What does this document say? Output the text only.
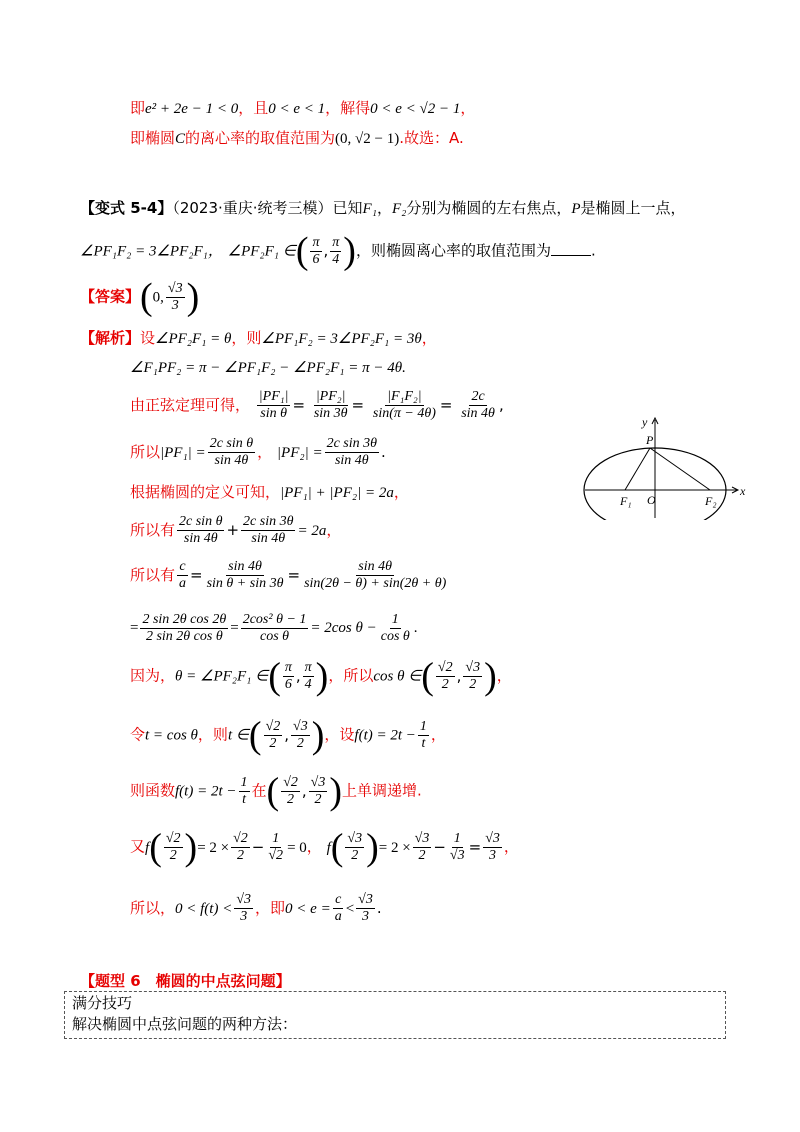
即e² + 2e − 1 < 0，且0 < e < 1，解得0 < e < √2 − 1，
即椭圆C的离心率的取值范围为(0, √2 − 1).故选：A.
【变式 5-4】（2023·重庆·统考三模）已知F₁，F₂分别为椭圆的左右焦点，P是椭圆上一点，
∠PF₁F₂ = 3∠PF₂F₁， ∠PF₂F₁ ∈( $\frac{\pi}{6}$ , $\frac{\pi}{4}$ )，则椭圆离心率的取值范围为	.
【答案】(0, $\frac{√3}{3}$ )
【解析】设∠PF₂F₁ = θ，则∠PF₁F₂ = 3∠PF₂F₁ = 3θ，
∠F₁PF₂ = π − ∠PF₁F₂ − ∠PF₂F₁ = π − 4θ.
由正弦定理可得， $\frac{\text{|PF₁|}}{\text{sin θ}} = \frac{\text{|PF₂|}}{\sin 3\theta} = \frac{\text{|F₁F₂|}}{\sin(\pi - 4\theta)} = \frac{2c}{\sin 4\theta}$ ,
所以$|PF_1| = \frac{\text{2c sin θ}}{\sin 4\theta}$ ， $|PF_2| = \frac{\text{2c sin 3θ}}{\sin 4\theta}$ .
根据椭圆的定义可知，|PF₁| + |PF₂| = 2a，
所以有 $\frac{\text{2c sin θ}}{\sin 4\theta} + \frac{\text{2c sin 3θ}}{\sin 4\theta} = 2a$，
所以有 $\frac{c}{a} = \frac{\sin 4\theta}{\text{sin θ + sin 3θ}} = \frac{\sin 4\theta}{\sin(2\theta - \theta) + \sin(2\theta + \theta)}$
= $\frac{\text{2 sin 2θ cos 2θ}}{\text{2 sin 2θ cos θ}} = \frac{\text{2cos² θ − 1}}{\text{cos θ}} = 2\cos$ $\theta - \frac{1}{\text{cos θ}}$ .
因为，θ = ∠PF₂F₁ ∈( $\frac{\pi}{6}$ , $\frac{\pi}{4}$ )，所以cos θ ∈( $\frac{√2}{2}$ , $\frac{√3}{2}$ )，
令t = cos θ，则t ∈( $\frac{√2}{2}$ , $\frac{√3}{2}$ )，设$f(t) = 2t - \frac{1}{t}$ ，
则函数$f(t) = 2t - \frac{1}{t}$ 在( $\frac{√2}{2}$ , $\frac{√3}{2}$ )上单调递增.
又$f( \frac{√2}{2}$ )= $2 \times \frac{√2}{2} - \frac{1}{√2} = 0$， $f( \frac{√3}{2}$ )= $2 \times \frac{√3}{2} - \frac{1}{√3} = \frac{√3}{3}$ ，
所以，$0 < f(t) < \frac{√3}{3}$ ，即$0 < e = \frac{c}{a} < \frac{√3}{3}$ .
P
y
x
O
F₁	F₂
【题型 6　椭圆的中点弦问题】
满分技巧
解决椭圆中点弦问题的两种方法：
